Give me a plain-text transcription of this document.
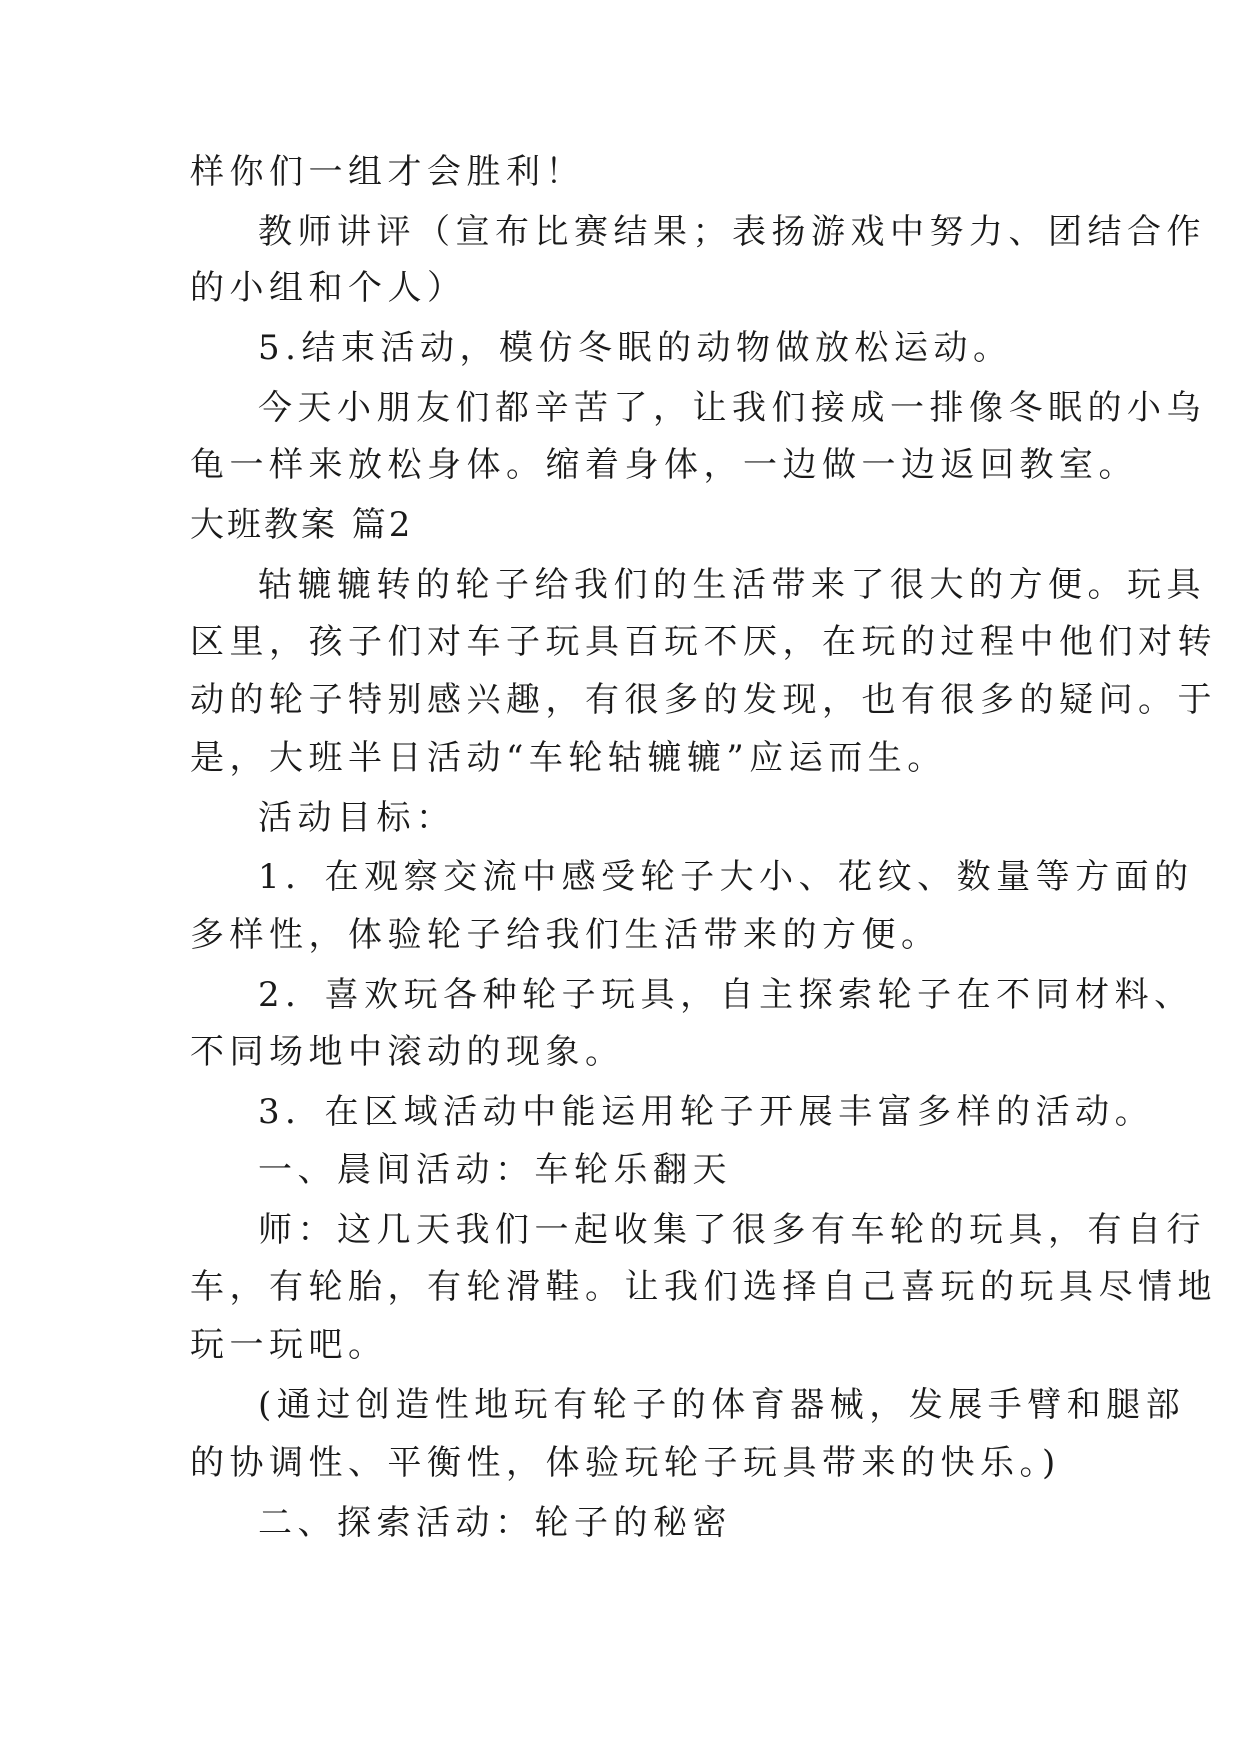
样你们一组才会胜利！
教师讲评（宣布比赛结果；表扬游戏中努力、团结合作
的小组和个人）
5.结束活动，模仿冬眠的动物做放松运动。
今天小朋友们都辛苦了，让我们接成一排像冬眠的小乌
龟一样来放松身体。缩着身体，一边做一边返回教室。
大班教案 篇2
轱辘辘转的轮子给我们的生活带来了很大的方便。玩具
区里，孩子们对车子玩具百玩不厌，在玩的过程中他们对转
动的轮子特别感兴趣，有很多的发现，也有很多的疑问。于
是，大班半日活动“车轮轱辘辘”应运而生。
活动目标：
1．在观察交流中感受轮子大小、花纹、数量等方面的
多样性，体验轮子给我们生活带来的方便。
2．喜欢玩各种轮子玩具，自主探索轮子在不同材料、
不同场地中滚动的现象。
3．在区域活动中能运用轮子开展丰富多样的活动。
一、晨间活动：车轮乐翻天
师：这几天我们一起收集了很多有车轮的玩具，有自行
车，有轮胎，有轮滑鞋。让我们选择自己喜玩的玩具尽情地
玩一玩吧。
(通过创造性地玩有轮子的体育器械，发展手臂和腿部
的协调性、平衡性，体验玩轮子玩具带来的快乐。)
二、探索活动：轮子的秘密
